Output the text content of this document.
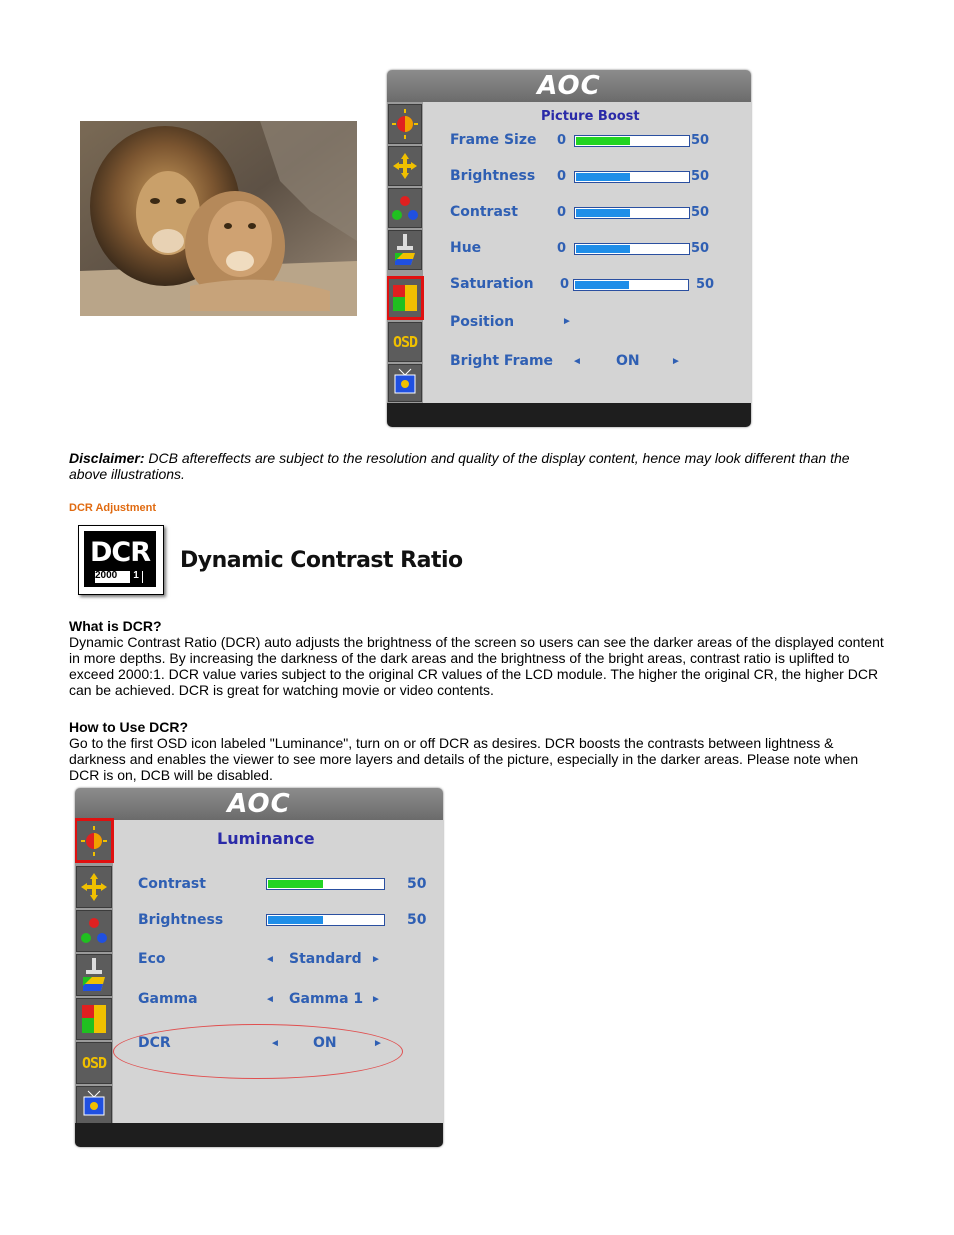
AOC
OSD
Picture Boost
Frame Size 0	50
Brightness 0	50
Contrast	0	50
Hue	0	50
Saturation 0	50
Position	►
Bright Frame ◄ ON	►
Disclaimer: DCB aftereffects are subject to the resolution and quality of the display content, hence may look different than the above illustrations.
DCR Adjustment
DCR
2000	1
Dynamic Contrast Ratio
What is DCR?
Dynamic Contrast Ratio (DCR) auto adjusts the brightness of the screen so users can see the darker areas of the displayed content in more depths. By increasing the darkness of the dark areas and the brightness of the bright areas, contrast ratio is uplifted to exceed 2000:1. DCR value varies subject to the original CR values of the LCD module. The higher the original CR, the higher DCR can be achieved. DCR is great for watching movie or video contents.
How to Use DCR?
Go to the first OSD icon labeled "Luminance", turn on or off DCR as desires. DCR boosts the contrasts between lightness & darkness and enables the viewer to see more layers and details of the picture, especially in the darker areas. Please note when DCR is on, DCB will be disabled.
AOC
OSD
Luminance
Contrast	50
Brightness	50
Eco	◄ Standard ►
Gamma	◄ Gamma 1 ►
DCR	◄ ON	►
